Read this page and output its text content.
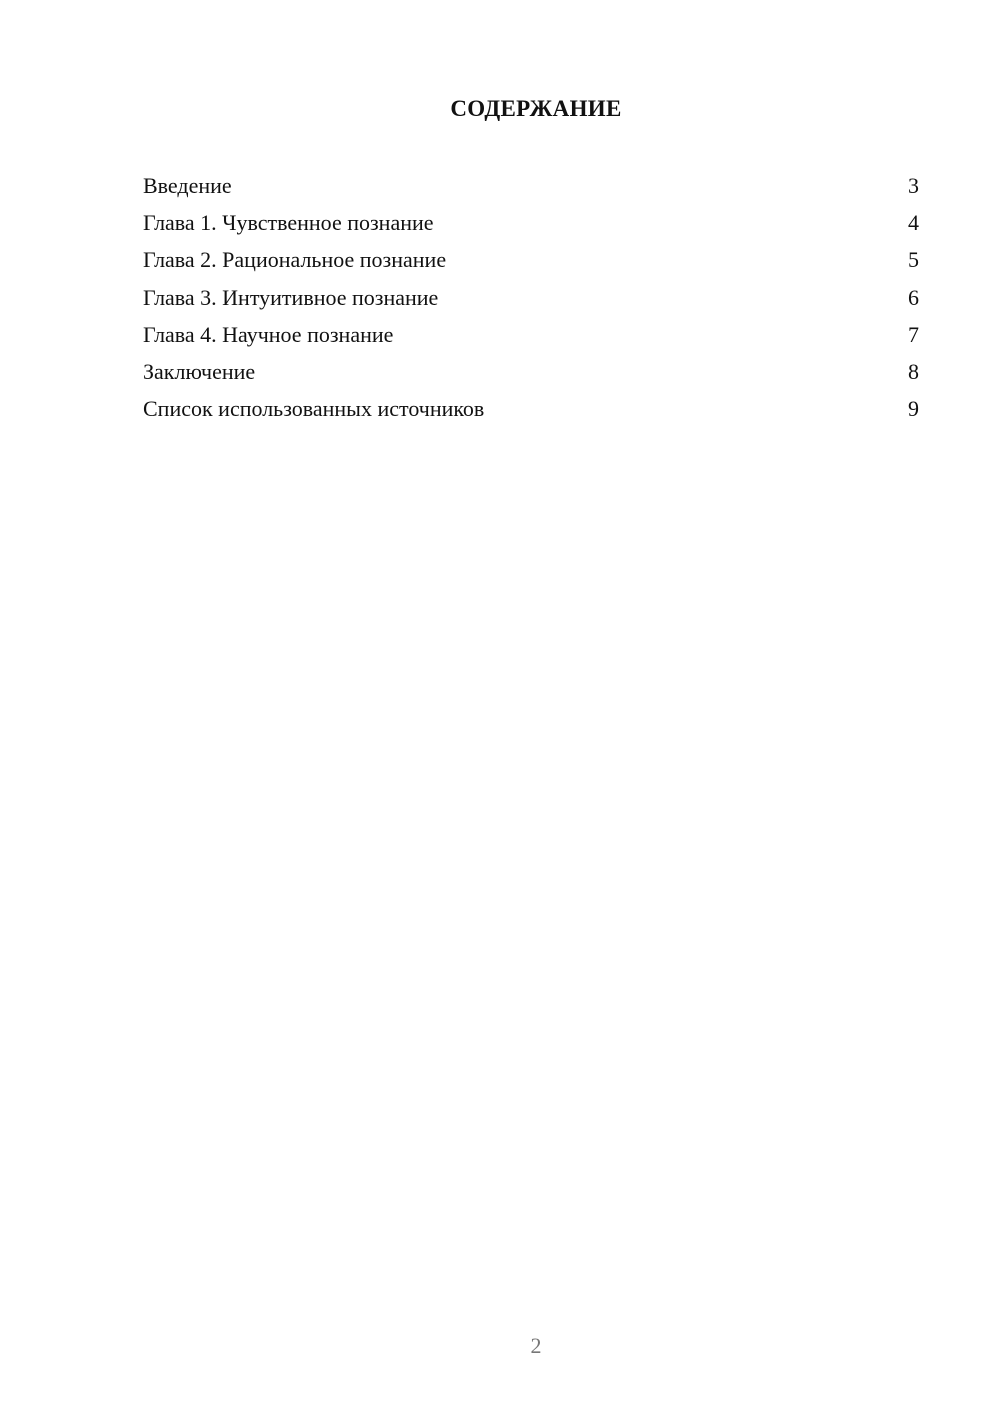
СОДЕРЖАНИЕ
Введение	3
Глава 1. Чувственное познание	4
Глава 2. Рациональное познание	5
Глава 3. Интуитивное познание	6
Глава 4. Научное познание	7
Заключение	8
Список использованных источников	9
2
